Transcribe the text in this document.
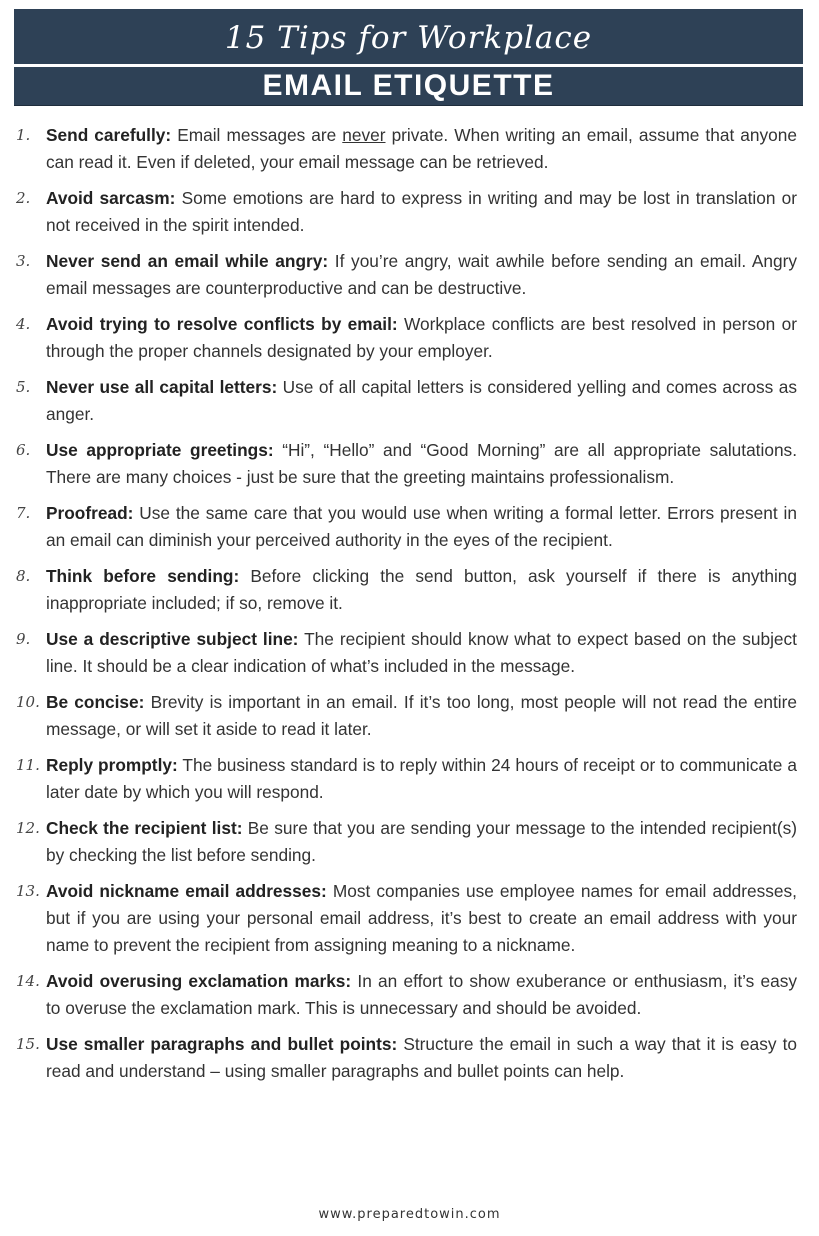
15 Tips for Workplace
EMAIL ETIQUETTE
1. Send carefully: Email messages are never private. When writing an email, assume that anyone can read it. Even if deleted, your email message can be retrieved.
2. Avoid sarcasm: Some emotions are hard to express in writing and may be lost in translation or not received in the spirit intended.
3. Never send an email while angry: If you’re angry, wait awhile before sending an email. Angry email messages are counterproductive and can be destructive.
4. Avoid trying to resolve conflicts by email: Workplace conflicts are best resolved in person or through the proper channels designated by your employer.
5. Never use all capital letters: Use of all capital letters is considered yelling and comes across as anger.
6. Use appropriate greetings: “Hi”, “Hello” and “Good Morning” are all appropriate salutations. There are many choices - just be sure that the greeting maintains professionalism.
7. Proofread: Use the same care that you would use when writing a formal letter. Errors present in an email can diminish your perceived authority in the eyes of the recipient.
8. Think before sending: Before clicking the send button, ask yourself if there is anything inappropriate included; if so, remove it.
9. Use a descriptive subject line: The recipient should know what to expect based on the subject line. It should be a clear indication of what’s included in the message.
10. Be concise: Brevity is important in an email. If it’s too long, most people will not read the entire message, or will set it aside to read it later.
11. Reply promptly: The business standard is to reply within 24 hours of receipt or to communicate a later date by which you will respond.
12. Check the recipient list: Be sure that you are sending your message to the intended recipient(s) by checking the list before sending.
13. Avoid nickname email addresses: Most companies use employee names for email addresses, but if you are using your personal email address, it’s best to create an email address with your name to prevent the recipient from assigning meaning to a nickname.
14. Avoid overusing exclamation marks: In an effort to show exuberance or enthusiasm, it’s easy to overuse the exclamation mark. This is unnecessary and should be avoided.
15. Use smaller paragraphs and bullet points: Structure the email in such a way that it is easy to read and understand – using smaller paragraphs and bullet points can help.
www.preparedtowin.com
